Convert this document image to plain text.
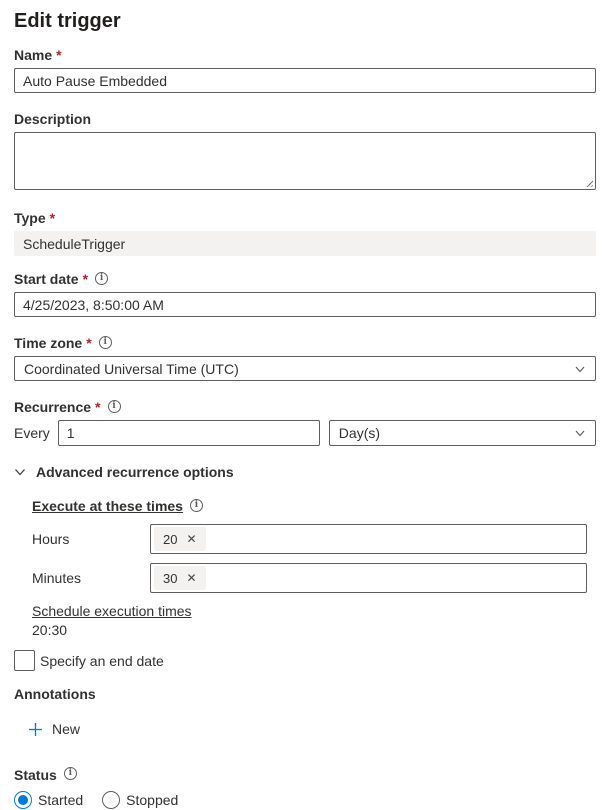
Edit trigger
Name *
Auto Pause Embedded
Description
Type *
ScheduleTrigger
Start date *
i
4/25/2023, 8:50:00 AM
Time zone *
i
Coordinated Universal Time (UTC)
Recurrence *
i
Every
1	Day(s)
Advanced recurrence options
Execute at these times
i
Hours	20
✕
Minutes	30
✕
Schedule execution times
20:30
Specify an end date
Annotations
New
Status
i
Started	Stopped
